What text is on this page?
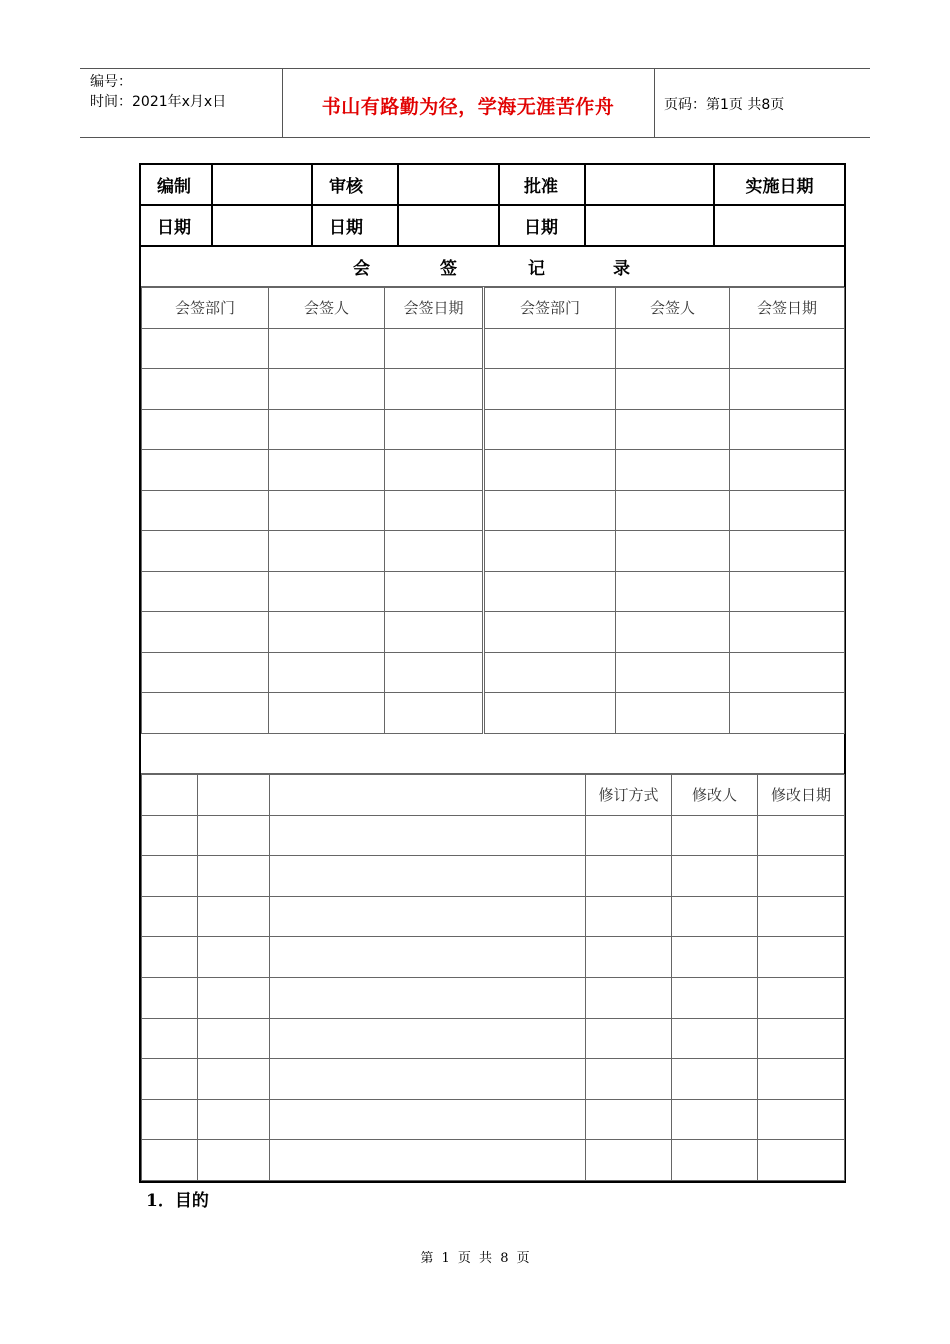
编号：
时间：2021年x月x日	书山有路勤为径，学海无涯苦作舟	页码：第1页 共8页
编制		审核		批准		实施日期
日期		日期		日期		
会	签	记	录
会签部门	会签人	会签日期	会签部门	会签人	会签日期

			修订方式	修改人	修改日期

1．目的
第 1 页 共 8 页
